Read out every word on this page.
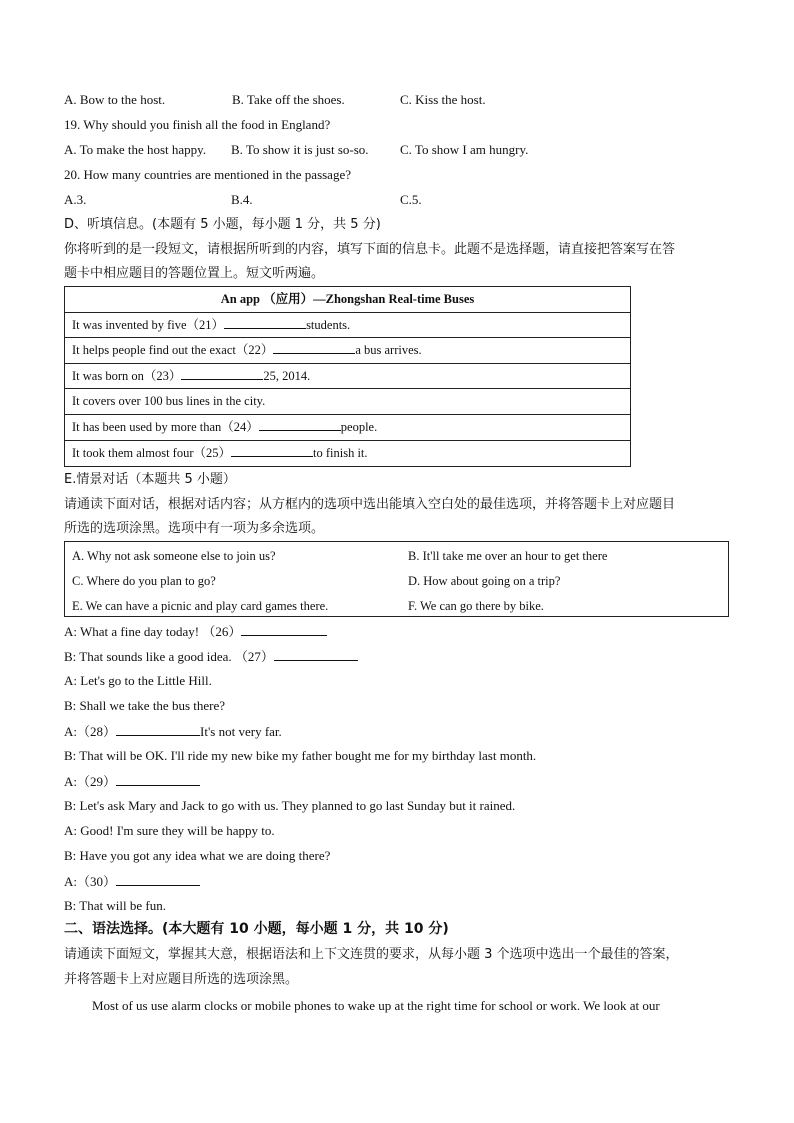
A. Bow to the host.	B. Take off the shoes.	C. Kiss the host.
19. Why should you finish all the food in England?
A. To make the host happy. B. To show it is just so-so. C. To show I am hungry.
20. How many countries are mentioned in the passage?
A.3.	B.4.	C.5.
D、听填信息。(本题有 5 小题，每小题 1 分，共 5 分)
你将听到的是一段短文，请根据所听到的内容，填写下面的信息卡。此题不是选择题，请直接把答案写在答
题卡中相应题目的答题位置上。短文听两遍。
An app （应用）—Zhongshan Real-time Buses
It was invented by five（21）	students.
It helps people find out the exact（22）	a bus arrives.
It was born on（23）	25, 2014.
It covers over 100 bus lines in the city.
It has been used by more than（24）	people.
It took them almost four（25）	to finish it.
E.情景对话（本题共 5 小题）
请通读下面对话，根据对话内容；从方框内的选项中选出能填入空白处的最佳选项，并将答题卡上对应题目
所选的选项涂黑。选项中有一项为多余选项。
A. Why not ask someone else to join us?	B. It'll take me over an hour to get there
C. Where do you plan to go?	D. How about going on a trip?
E. We can have a picnic and play card games there.	F. We can go there by bike.
A: What a fine day today! （26）
B: That sounds like a good idea. （27）
A: Let's go to the Little Hill.
B: Shall we take the bus there?
A:（28）	It's not very far.
B: That will be OK. I'll ride my new bike my father bought me for my birthday last month.
A:（29）
B: Let's ask Mary and Jack to go with us. They planned to go last Sunday but it rained.
A: Good! I'm sure they will be happy to.
B: Have you got any idea what we are doing there?
A:（30）
B: That will be fun.
二、语法选择。(本大题有 10 小题，每小题 1 分，共 10 分)
请通读下面短文，掌握其大意，根据语法和上下文连贯的要求，从每小题 3 个选项中选出一个最佳的答案，
并将答题卡上对应题目所选的选项涂黑。
Most of us use alarm clocks or mobile phones to wake up at the right time for school or work. We look at our
